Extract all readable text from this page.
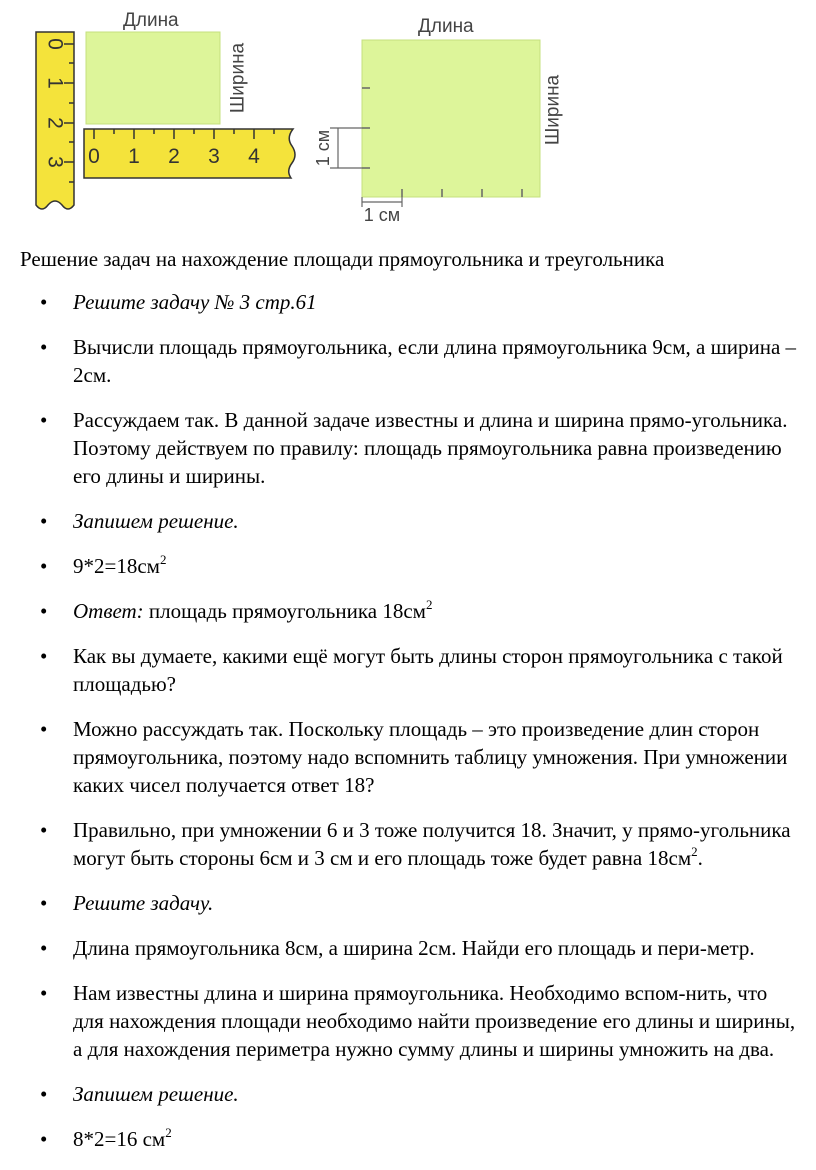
0
1
2
3
Длина
Ширина
0 1 2 3 4
Длина
Ширина
1 см
1 см
Решение задач на нахождение площади прямоугольника и треугольника
• Решите задачу № 3 стр.61
• Вычисли площадь прямоугольника, если длина прямоугольника 9см, а ширина – 2см.
• Рассуждаем так. В данной задаче известны и длина и ширина прямо-угольника. Поэтому действуем по правилу: площадь прямоугольника равна произведению его длины и ширины.
• Запишем решение.
• $9*2=18см^2$
• Ответ: площадь прямоугольника $18см^2$
• Как вы думаете, какими ещё могут быть длины сторон прямоугольника с такой площадью?
• Можно рассуждать так. Поскольку площадь – это произведение длин сторон прямоугольника, поэтому надо вспомнить таблицу умножения. При умножении каких чисел получается ответ 18?
• Правильно, при умножении 6 и 3 тоже получится 18. Значит, у прямо-угольника могут быть стороны 6см и 3 см и его площадь тоже будет равна $18см^2$.
• Решите задачу.
• Длина прямоугольника 8см, а ширина 2см. Найди его площадь и пери-метр.
• Нам известны длина и ширина прямоугольника. Необходимо вспом-нить, что для нахождения площади необходимо найти произведение его длины и ширины, а для нахождения периметра нужно сумму длины и ширины умножить на два.
• Запишем решение.
• 8*2=16 $см^2$
